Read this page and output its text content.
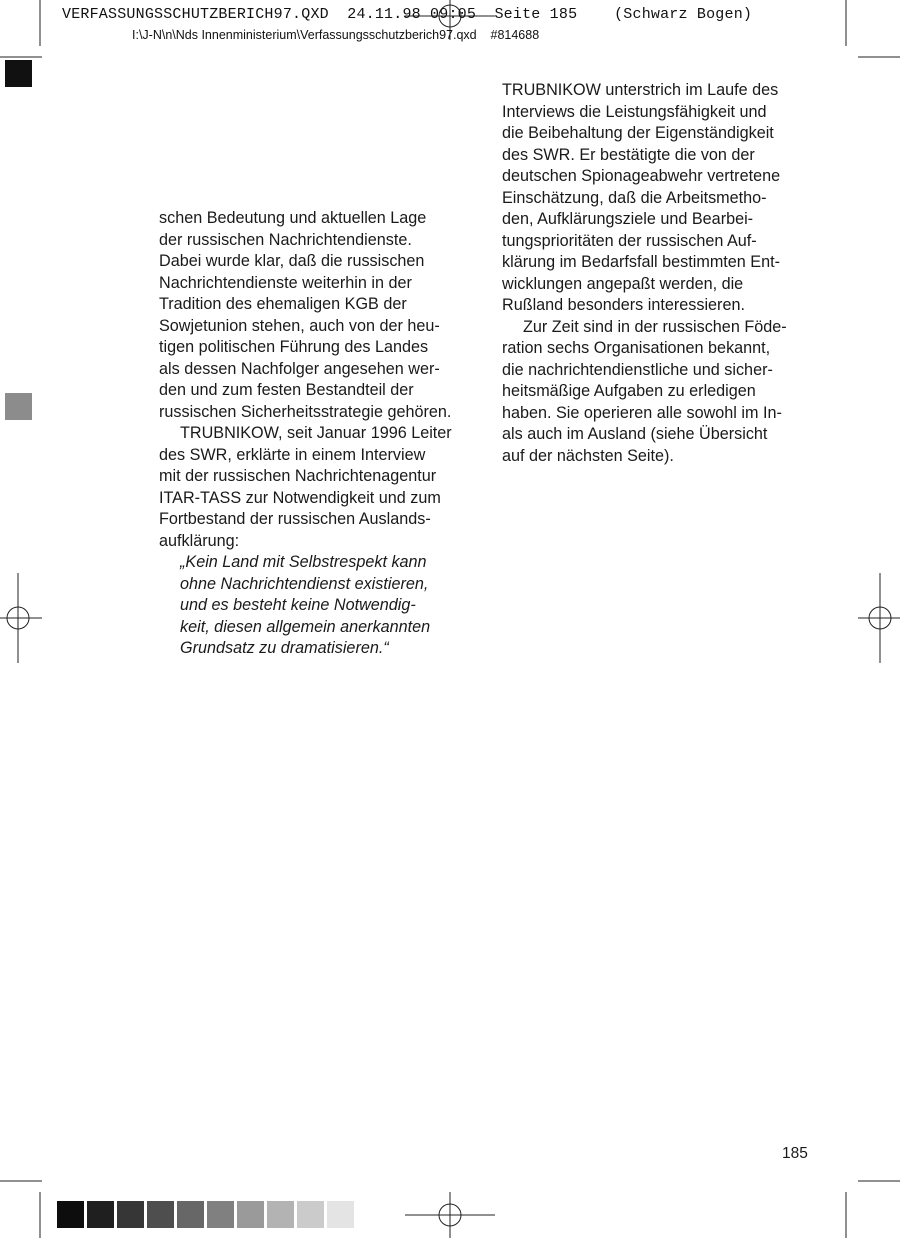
VERFASSUNGSSCHUTZBERICH97.QXD  24.11.98 09:05  Seite 185    (Schwarz Bogen)
I:\J-N\n\Nds Innenministerium\Verfassungsschutzberich97.qxd    #814688
schen Bedeutung und aktuellen Lage
der russischen Nachrichtendienste.
Dabei wurde klar, daß die russischen
Nachrichtendienste weiterhin in der
Tradition des ehemaligen KGB der
Sowjetunion stehen, auch von der heu-
tigen politischen Führung des Landes
als dessen Nachfolger angesehen wer-
den und zum festen Bestandteil der
russischen Sicherheitsstrategie gehören.
TRUBNIKOW, seit Januar 1996 Leiter
des SWR, erklärte in einem Interview
mit der russischen Nachrichtenagentur
ITAR-TASS zur Notwendigkeit und zum
Fortbestand der russischen Auslands-
aufklärung:
„Kein Land mit Selbstrespekt kann
ohne Nachrichtendienst existieren,
und es besteht keine Notwendig-
keit, diesen allgemein anerkannten
Grundsatz zu dramatisieren.“
TRUBNIKOW unterstrich im Laufe des
Interviews die Leistungsfähigkeit und
die Beibehaltung der Eigenständigkeit
des SWR. Er bestätigte die von der
deutschen Spionageabwehr vertretene
Einschätzung, daß die Arbeitsmetho-
den, Aufklärungsziele und Bearbei-
tungsprioritäten der russischen Auf-
klärung im Bedarfsfall bestimmten Ent-
wicklungen angepaßt werden, die
Rußland besonders interessieren.
Zur Zeit sind in der russischen Föde-
ration sechs Organisationen bekannt,
die nachrichtendienstliche und sicher-
heitsmäßige Aufgaben zu erledigen
haben. Sie operieren alle sowohl im In-
als auch im Ausland (siehe Übersicht
auf der nächsten Seite).
185
